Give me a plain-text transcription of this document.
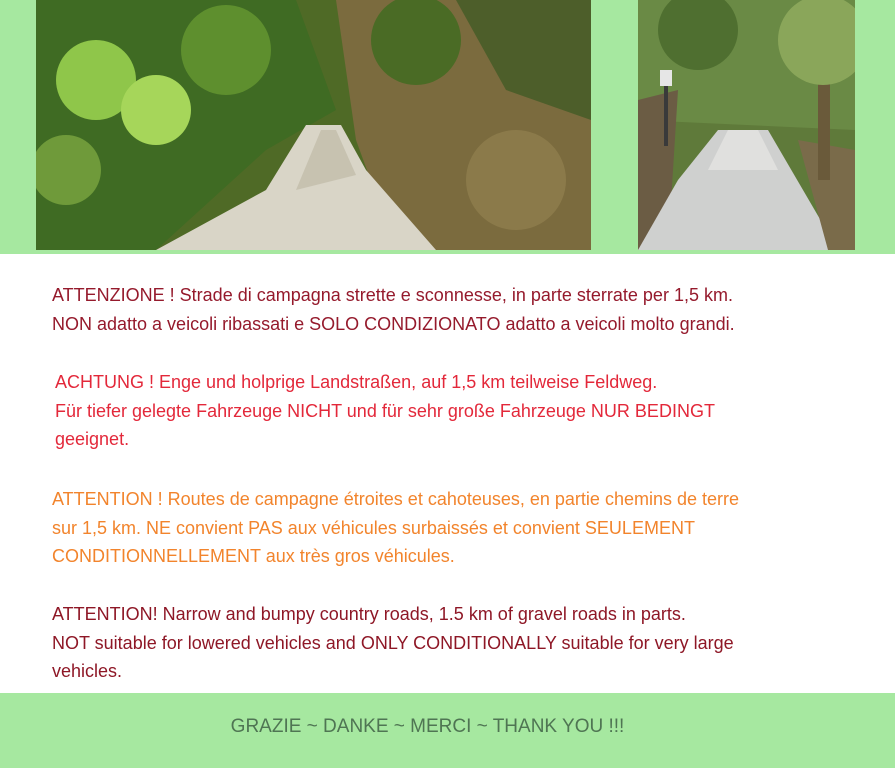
ATTENZIONE ! Strade di campagna strette e sconnesse, in parte sterrate per 1,5 km.
NON adatto a veicoli ribassati e SOLO CONDIZIONATO adatto a veicoli molto grandi.

ACHTUNG ! Enge und holprige Landstraßen, auf 1,5 km teilweise Feldweg.
Für tiefer gelegte Fahrzeuge NICHT und für sehr große Fahrzeuge NUR BEDINGT
geeignet.

ATTENTION ! Routes de campagne étroites et cahoteuses, en partie chemins de terre
sur 1,5 km. NE convient PAS aux véhicules surbaissés et convient SEULEMENT
CONDITIONNELLEMENT aux très gros véhicules.

ATTENTION! Narrow and bumpy country roads, 1.5 km of gravel roads in parts.
NOT suitable for lowered vehicles and ONLY CONDITIONALLY suitable for very large
vehicles.

GRAZIE ~ DANKE ~ MERCI ~ THANK YOU !!!
